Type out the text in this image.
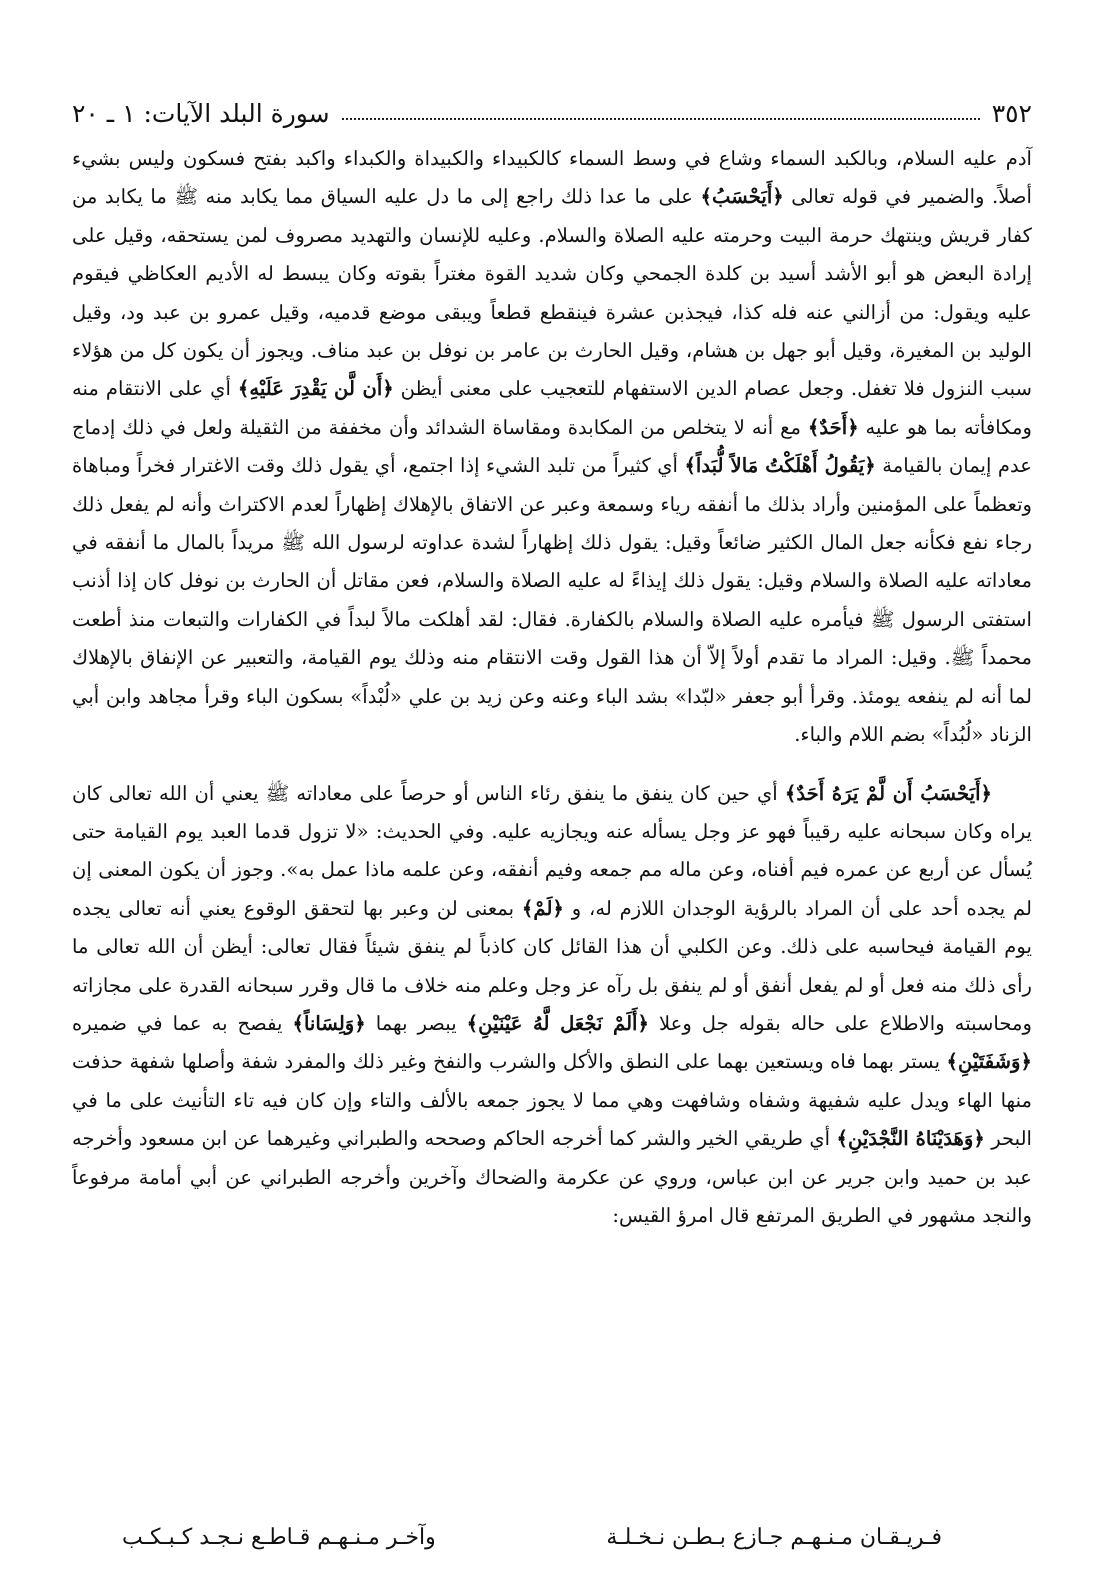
٣٥٢
سورة البلد الآيات: ١ ـ ٢٠

آدم عليه السلام، وبالكبد السماء وشاع في وسط السماء كالكبيداء والكبيداة والكبداء واكبد بفتح فسكون وليس بشيء أصلاً. والضمير في قوله تعالى ﴿أَيَحْسَبُ﴾ على ما عدا ذلك راجع إلى ما دل عليه السياق مما يكابد منه ﷺ ما يكابد من كفار قريش وينتهك حرمة البيت وحرمته عليه الصلاة والسلام. وعليه للإنسان والتهديد مصروف لمن يستحقه، وقيل على إرادة البعض هو أبو الأشد أسيد بن كلدة الجمحي وكان شديد القوة مغتراً بقوته وكان يبسط له الأديم العكاظي فيقوم عليه ويقول: من أزالني عنه فله كذا، فيجذبن عشرة فينقطع قطعاً ويبقى موضع قدميه، وقيل عمرو بن عبد ود، وقيل الوليد بن المغيرة، وقيل أبو جهل بن هشام، وقيل الحارث بن عامر بن نوفل بن عبد مناف. ويجوز أن يكون كل من هؤلاء سبب النزول فلا تغفل. وجعل عصام الدين الاستفهام للتعجيب على معنى أيظن ﴿أَن لَّن يَقْدِرَ عَلَيْهِ﴾ أي على الانتقام منه ومكافأته بما هو عليه ﴿أَحَدٌ﴾ مع أنه لا يتخلص من المكابدة ومقاساة الشدائد وأن مخففة من الثقيلة ولعل في ذلك إدماج عدم إيمان بالقيامة ﴿يَقُولُ أَهْلَكْتُ مَالاً لُّبَداً﴾ أي كثيراً من تلبد الشيء إذا اجتمع، أي يقول ذلك وقت الاغترار فخراً ومباهاة وتعظماً على المؤمنين وأراد بذلك ما أنفقه رياء وسمعة وعبر عن الاتفاق بالإهلاك إظهاراً لعدم الاكتراث وأنه لم يفعل ذلك رجاء نفع فكأنه جعل المال الكثير ضائعاً وقيل: يقول ذلك إظهاراً لشدة عداوته لرسول الله ﷺ مريداً بالمال ما أنفقه في معاداته عليه الصلاة والسلام وقيل: يقول ذلك إيذاءً له عليه الصلاة والسلام، فعن مقاتل أن الحارث بن نوفل كان إذا أذنب استفتى الرسول ﷺ فيأمره عليه الصلاة والسلام بالكفارة. فقال: لقد أهلكت مالاً لبداً في الكفارات والتبعات منذ أطعت محمداً ﷺ. وقيل: المراد ما تقدم أولاً إلاّ أن هذا القول وقت الانتقام منه وذلك يوم القيامة، والتعبير عن الإنفاق بالإهلاك لما أنه لم ينفعه يومئذ. وقرأ أبو جعفر «لبّدا» بشد الباء وعنه وعن زيد بن علي «لُبْداً» بسكون الباء وقرأ مجاهد وابن أبي الزناد «لُبُداً» بضم اللام والباء.

﴿أَيَحْسَبُ أَن لَّمْ يَرَهُ أَحَدٌ﴾ أي حين كان ينفق ما ينفق رئاء الناس أو حرصاً على معاداته ﷺ يعني أن الله تعالى كان يراه وكان سبحانه عليه رقيباً فهو عز وجل يسأله عنه ويجازيه عليه. وفي الحديث: «لا تزول قدما العبد يوم القيامة حتى يُسأل عن أربع عن عمره فيم أفناه، وعن ماله مم جمعه وفيم أنفقه، وعن علمه ماذا عمل به». وجوز أن يكون المعنى إن لم يجده أحد على أن المراد بالرؤية الوجدان اللازم له، و ﴿لَمْ﴾ بمعنى لن وعبر بها لتحقق الوقوع يعني أنه تعالى يجده يوم القيامة فيحاسبه على ذلك. وعن الكلبي أن هذا القائل كان كاذباً لم ينفق شيئاً فقال تعالى: أيظن أن الله تعالى ما رأى ذلك منه فعل أو لم يفعل أنفق أو لم ينفق بل رآه عز وجل وعلم منه خلاف ما قال وقرر سبحانه القدرة على مجازاته ومحاسبته والاطلاع على حاله بقوله جل وعلا ﴿أَلَمْ نَجْعَل لَّهُ عَيْنَيْنِ﴾ يبصر بهما ﴿وَلِسَاناً﴾ يفصح به عما في ضميره ﴿وَشَفَتَيْنِ﴾ يستر بهما فاه ويستعين بهما على النطق والأكل والشرب والنفخ وغير ذلك والمفرد شفة وأصلها شفهة حذفت منها الهاء ويدل عليه شفيهة وشفاه وشافهت وهي مما لا يجوز جمعه بالألف والتاء وإن كان فيه تاء التأنيث على ما في البحر ﴿وَهَدَيْنَاهُ النَّجْدَيْنِ﴾ أي طريقي الخير والشر كما أخرجه الحاكم وصححه والطبراني وغيرهما عن ابن مسعود وأخرجه عبد بن حميد وابن جرير عن ابن عباس، وروي عن عكرمة والضحاك وآخرين وأخرجه الطبراني عن أبي أمامة مرفوعاً والنجد مشهور في الطريق المرتفع قال امرؤ القيس:

فـريـقـان مـنـهـم جـازع بـطـن نـخـلـة
وآخـر مـنـهـم قـاطـع نـجـد كـبـكـب
